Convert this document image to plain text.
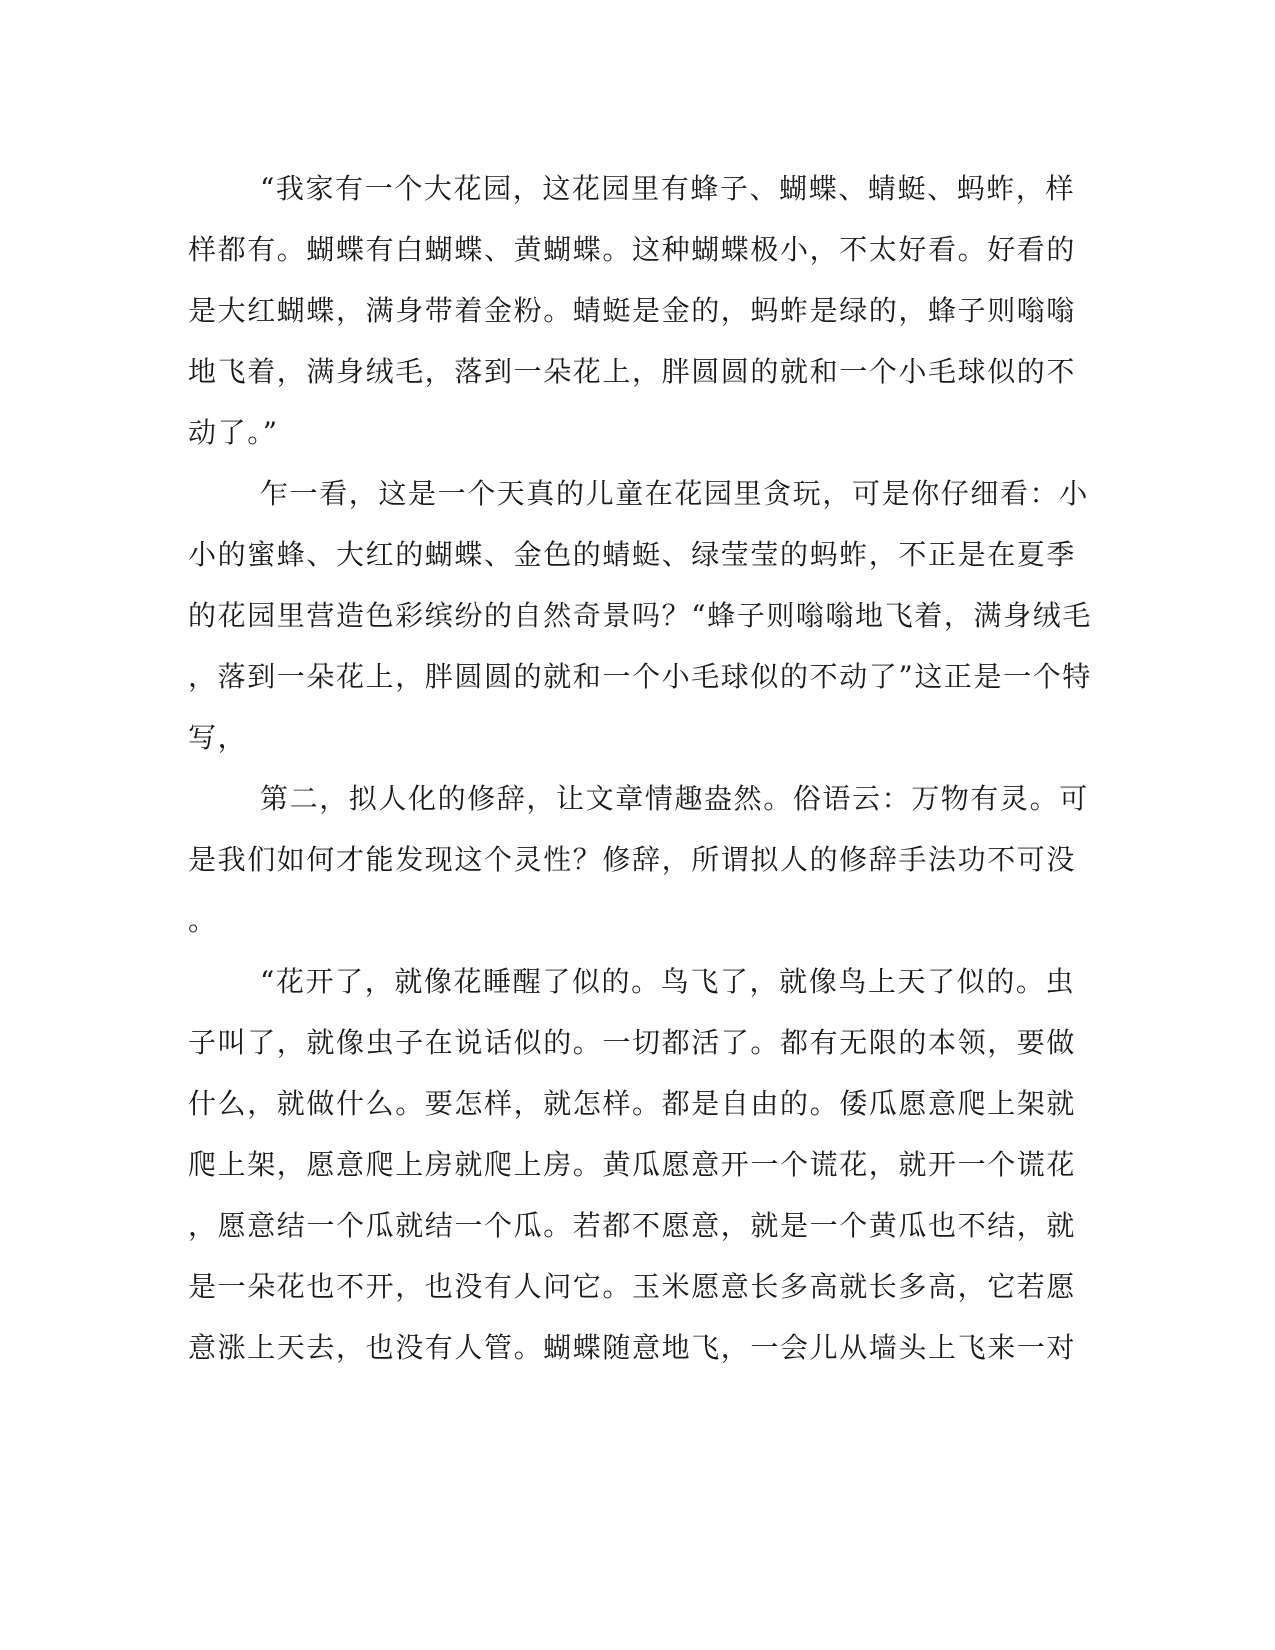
“我家有一个大花园，这花园里有蜂子、蝴蝶、蜻蜓、蚂蚱，样
样都有。蝴蝶有白蝴蝶、黄蝴蝶。这种蝴蝶极小，不太好看。好看的
是大红蝴蝶，满身带着金粉。蜻蜓是金的，蚂蚱是绿的，蜂子则嗡嗡
地飞着，满身绒毛，落到一朵花上，胖圆圆的就和一个小毛球似的不
动了。”
乍一看，这是一个天真的儿童在花园里贪玩，可是你仔细看：小
小的蜜蜂、大红的蝴蝶、金色的蜻蜓、绿莹莹的蚂蚱，不正是在夏季
的花园里营造色彩缤纷的自然奇景吗？“蜂子则嗡嗡地飞着，满身绒毛
，落到一朵花上，胖圆圆的就和一个小毛球似的不动了”这正是一个特
写，
第二，拟人化的修辞，让文章情趣盎然。俗语云：万物有灵。可
是我们如何才能发现这个灵性？修辞，所谓拟人的修辞手法功不可没
。
“花开了，就像花睡醒了似的。鸟飞了，就像鸟上天了似的。虫
子叫了，就像虫子在说话似的。一切都活了。都有无限的本领，要做
什么，就做什么。要怎样，就怎样。都是自由的。倭瓜愿意爬上架就
爬上架，愿意爬上房就爬上房。黄瓜愿意开一个谎花，就开一个谎花
，愿意结一个瓜就结一个瓜。若都不愿意，就是一个黄瓜也不结，就
是一朵花也不开，也没有人问它。玉米愿意长多高就长多高，它若愿
意涨上天去，也没有人管。蝴蝶随意地飞，一会儿从墙头上飞来一对
